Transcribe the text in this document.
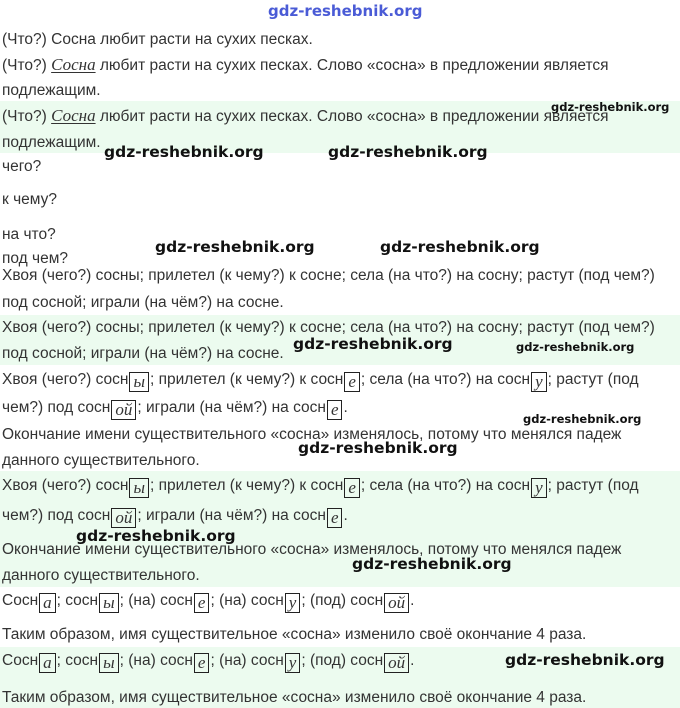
(Что?) Сосна любит расти на сухих песках.
(Что?) Сосна любит расти на сухих песках. Слово «сосна» в предложении является
подлежащим.
(Что?) Сосна любит расти на сухих песках. Слово «сосна» в предложении является
подлежащим.
чего?
к чему?
на что?
под чем?
Хвоя (чего?) сосны; прилетел (к чему?) к сосне; села (на что?) на сосну; растут (под чем?)
под сосной; играли (на чём?) на сосне.
Хвоя (чего?) сосны; прилетел (к чему?) к сосне; села (на что?) на сосну; растут (под чем?)
под сосной; играли (на чём?) на сосне.
Хвоя (чего?) сосн ы ; прилетел (к чему?) к сосн е ; села (на что?) на сосн у ; растут (под
чем?) под сосн ой ; играли (на чём?) на сосн е .
Окончание имени существительного «сосна» изменялось, потому что менялся падеж
данного существительного.
Хвоя (чего?) сосн ы ; прилетел (к чему?) к сосн е ; села (на что?) на сосн у ; растут (под
чем?) под сосн ой ; играли (на чём?) на сосн е .
Окончание имени существительного «сосна» изменялось, потому что менялся падеж
данного существительного.
Сосн а ; сосн ы ; (на) сосн е ; (на) сосн у ; (под) сосн ой .
Таким образом, имя существительное «сосна» изменило своё окончание 4 раза.
Сосн а ; сосн ы ; (на) сосн е ; (на) сосн у ; (под) сосн ой .
Таким образом, имя существительное «сосна» изменило своё окончание 4 раза.
gdz-reshebnik.org
gdz-reshebnik.org
gdz-reshebnik.org	gdz-reshebnik.org
gdz-reshebnik.org	gdz-reshebnik.org
gdz-reshebnik.org	gdz-reshebnik.org
gdz-reshebnik.org
gdz-reshebnik.org
gdz-reshebnik.org
gdz-reshebnik.org
gdz-reshebnik.org
